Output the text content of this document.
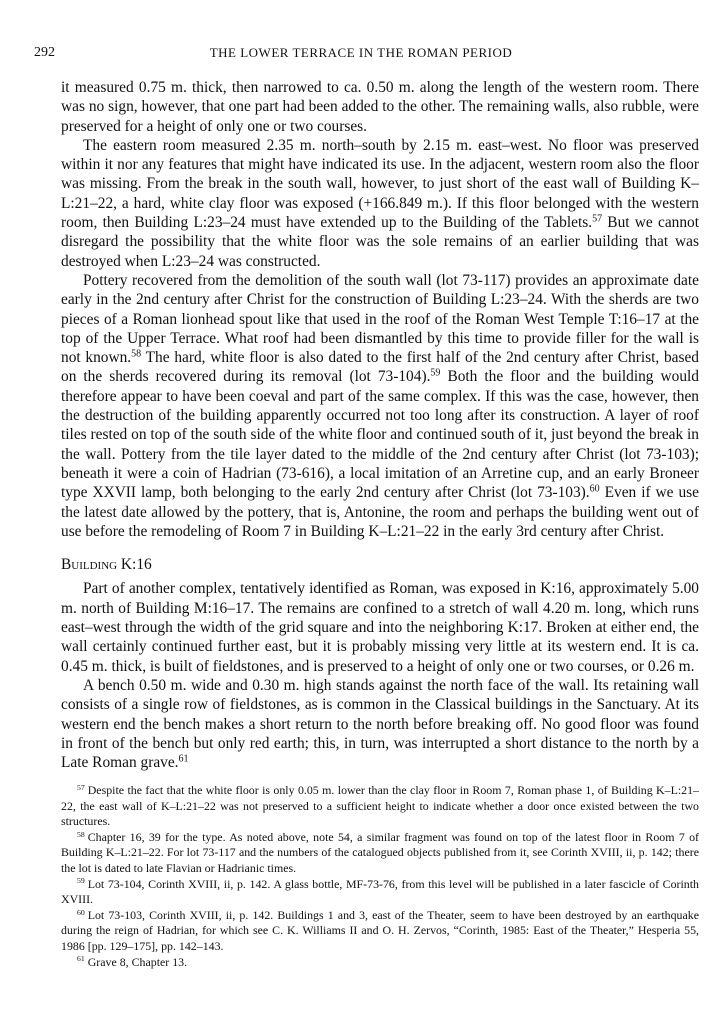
292	THE LOWER TERRACE IN THE ROMAN PERIOD

it measured 0.75 m. thick, then narrowed to ca. 0.50 m. along the length of the western room. There was no sign, however, that one part had been added to the other. The remaining walls, also rubble, were preserved for a height of only one or two courses.

The eastern room measured 2.35 m. north–south by 2.15 m. east–west. No floor was preserved within it nor any features that might have indicated its use. In the adjacent, western room also the floor was missing. From the break in the south wall, however, to just short of the east wall of Building K–L:21–22, a hard, white clay floor was exposed (+166.849 m.). If this floor belonged with the western room, then Building L:23–24 must have extended up to the Building of the Tablets.$^{57}$ But we cannot disregard the possibility that the white floor was the sole remains of an earlier building that was destroyed when L:23–24 was constructed.

Pottery recovered from the demolition of the south wall (lot 73-117) provides an approximate date early in the 2nd century after Christ for the construction of Building L:23–24. With the sherds are two pieces of a Roman lionhead spout like that used in the roof of the Roman West Temple T:16–17 at the top of the Upper Terrace. What roof had been dismantled by this time to provide filler for the wall is not known.$^{58}$ The hard, white floor is also dated to the first half of the 2nd century after Christ, based on the sherds recovered during its removal (lot 73-104).$^{59}$ Both the floor and the building would therefore appear to have been coeval and part of the same complex. If this was the case, however, then the destruction of the building apparently occurred not too long after its construction. A layer of roof tiles rested on top of the south side of the white floor and continued south of it, just beyond the break in the wall. Pottery from the tile layer dated to the middle of the 2nd century after Christ (lot 73-103); beneath it were a coin of Hadrian (73-616), a local imitation of an Arretine cup, and an early Broneer type XXVII lamp, both belonging to the early 2nd century after Christ (lot 73-103).$^{60}$ Even if we use the latest date allowed by the pottery, that is, Antonine, the room and perhaps the building went out of use before the remodeling of Room 7 in Building K–L:21–22 in the early 3rd century after Christ.

Building K:16

Part of another complex, tentatively identified as Roman, was exposed in K:16, approximately 5.00 m. north of Building M:16–17. The remains are confined to a stretch of wall 4.20 m. long, which runs east–west through the width of the grid square and into the neighboring K:17. Broken at either end, the wall certainly continued further east, but it is probably missing very little at its western end. It is ca. 0.45 m. thick, is built of fieldstones, and is preserved to a height of only one or two courses, or 0.26 m.

A bench 0.50 m. wide and 0.30 m. high stands against the north face of the wall. Its retaining wall consists of a single row of fieldstones, as is common in the Classical buildings in the Sanctuary. At its western end the bench makes a short return to the north before breaking off. No good floor was found in front of the bench but only red earth; this, in turn, was interrupted a short distance to the north by a Late Roman grave.$^{61}$

$^{57}$ Despite the fact that the white floor is only 0.05 m. lower than the clay floor in Room 7, Roman phase 1, of Building K–L:21–22, the east wall of K–L:21–22 was not preserved to a sufficient height to indicate whether a door once existed between the two structures.

$^{58}$ Chapter 16, 39 for the type. As noted above, note 54, a similar fragment was found on top of the latest floor in Room 7 of Building K–L:21–22. For lot 73-117 and the numbers of the catalogued objects published from it, see Corinth XVIII, ii, p. 142; there the lot is dated to late Flavian or Hadrianic times.

$^{59}$ Lot 73-104, Corinth XVIII, ii, p. 142. A glass bottle, MF-73-76, from this level will be published in a later fascicle of Corinth XVIII.

$^{60}$ Lot 73-103, Corinth XVIII, ii, p. 142. Buildings 1 and 3, east of the Theater, seem to have been destroyed by an earthquake during the reign of Hadrian, for which see C. K. Williams II and O. H. Zervos, “Corinth, 1985: East of the Theater,” Hesperia 55, 1986 [pp. 129–175], pp. 142–143.

$^{61}$ Grave 8, Chapter 13.
